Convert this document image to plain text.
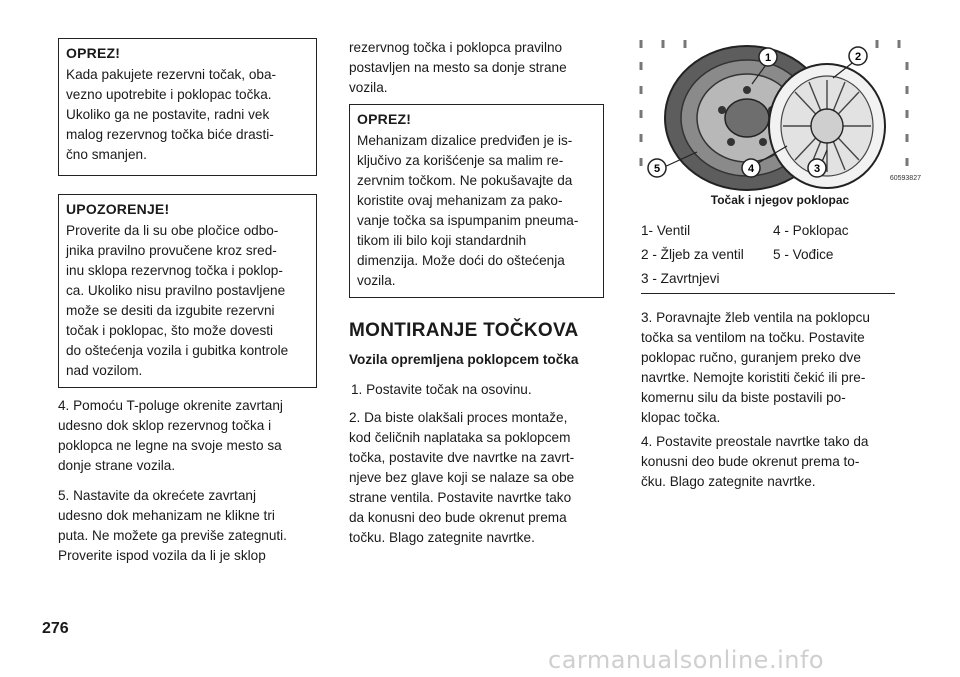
OPREZ!

Kada pakujete rezervni točak, oba-

vezno upotrebite i poklopac točka.

Ukoliko ga ne postavite, radni vek

malog rezervnog točka biće drasti-

čno smanjen.

UPOZORENJE!

Proverite da li su obe pločice odbo-

jnika pravilno provučene kroz sred-

inu sklopa rezervnog točka i poklop-

ca. Ukoliko nisu pravilno postavljene

može se desiti da izgubite rezervni

točak i poklopac, što može dovesti

do oštećenja vozila i gubitka kontrole

nad vozilom.

4. Pomoću T-poluge okrenite zavrtanj

udesno dok sklop rezervnog točka i

poklopca ne legne na svoje mesto sa

donje strane vozila.

5. Nastavite da okrećete zavrtanj

udesno dok mehanizam ne klikne tri

puta. Ne možete ga previše zategnuti.

Proverite ispod vozila da li je sklop

rezervnog točka i poklopca pravilno

postavljen na mesto sa donje strane

vozila.

OPREZ!

Mehanizam dizalice predviđen je is-

ključivo za korišćenje sa malim re-

zervnim točkom. Ne pokušavajte da

koristite ovaj mehanizam za pako-

vanje točka sa ispumpanim pneuma-

tikom ili bilo koji standardnih

dimenzija. Može doći do oštećenja

vozila.

MONTIRANJE TOČKOVA

Vozila opremljena poklopcem točka

1. Postavite točak na osovinu.

2. Da biste olakšali proces montaže,

kod čeličnih naplataka sa poklopcem

točka, postavite dve navrtke na zavrt-

njeve bez glave koji se nalaze sa obe

strane ventila. Postavite navrtke tako

da konusni deo bude okrenut prema

točku. Blago zategnite navrtke.

1	2
3
4
5
60593827
Točak i njegov poklopac
1- Ventil	4 - Poklopac
2 - Žljeb za ventil	5 - Vođice
3 - Zavrtnjevi

3. Poravnajte žleb ventila na poklopcu

točka sa ventilom na točku. Postavite

poklopac ručno, guranjem preko dve

navrtke. Nemojte koristiti čekić ili pre-

komernu silu da biste postavili po-

klopac točka.

4. Postavite preostale navrtke tako da

konusni deo bude okrenut prema to-

čku. Blago zategnite navrtke.

276
carmanualsonline.info
